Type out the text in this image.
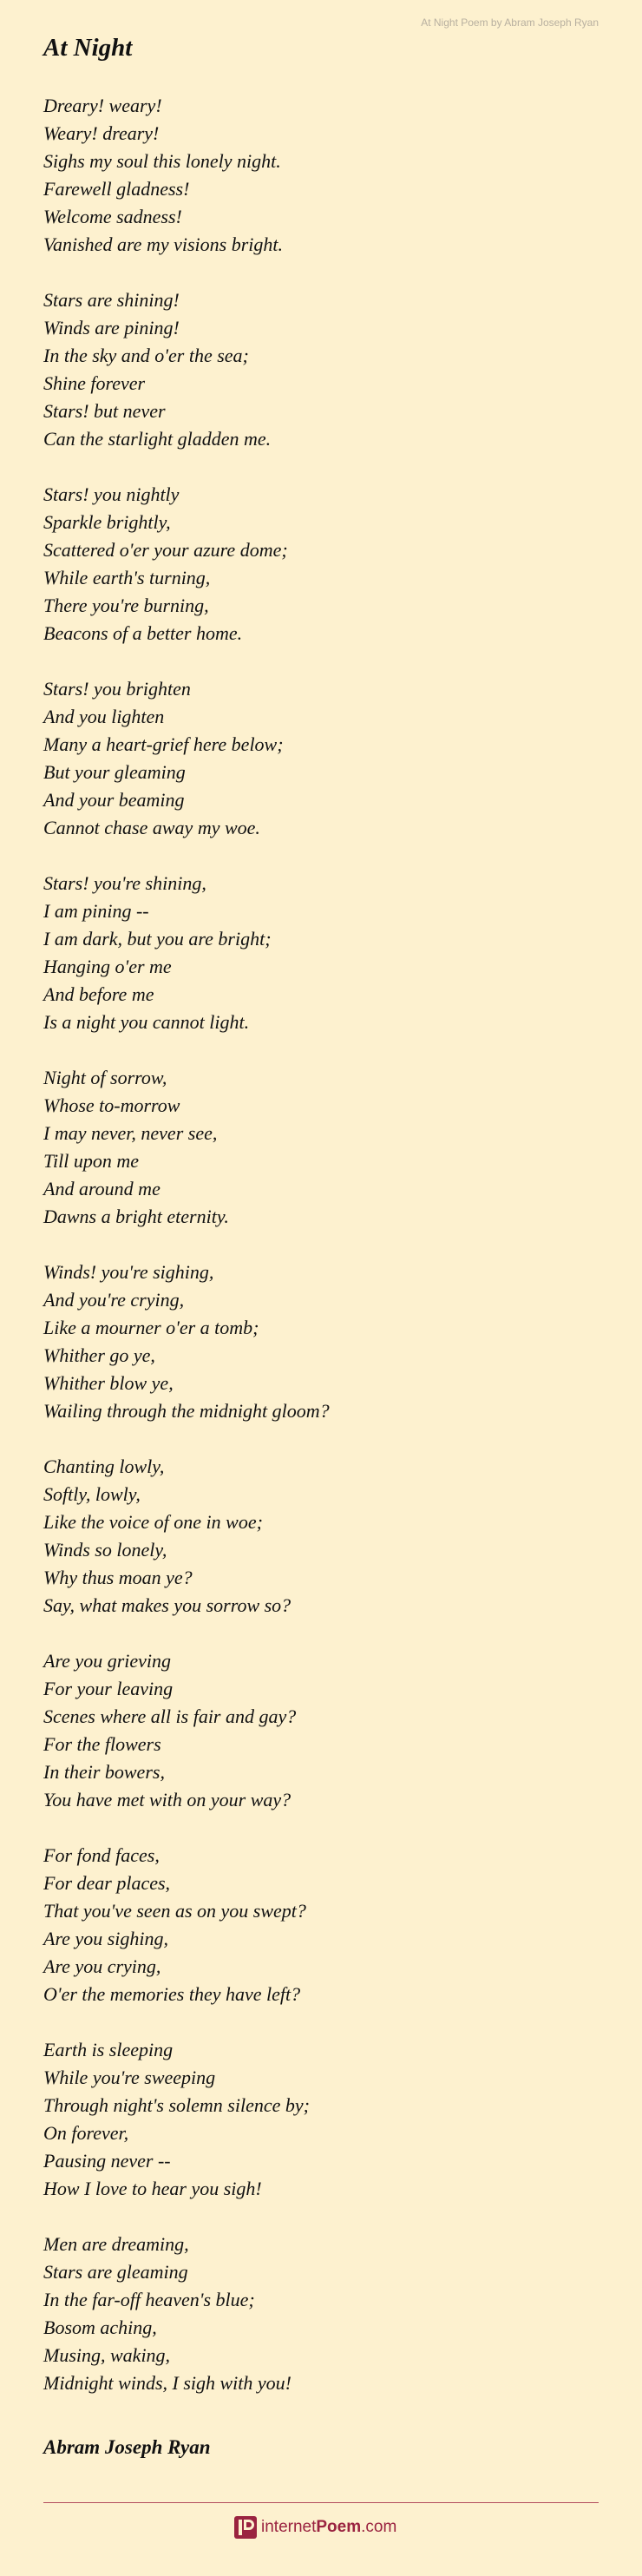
At Night Poem by Abram Joseph Ryan
At Night
Dreary! weary!
Weary! dreary!
Sighs my soul this lonely night.
Farewell gladness!
Welcome sadness!
Vanished are my visions bright.
Stars are shining!
Winds are pining!
In the sky and o'er the sea;
Shine forever
Stars! but never
Can the starlight gladden me.
Stars! you nightly
Sparkle brightly,
Scattered o'er your azure dome;
While earth's turning,
There you're burning,
Beacons of a better home.
Stars! you brighten
And you lighten
Many a heart-grief here below;
But your gleaming
And your beaming
Cannot chase away my woe.
Stars! you're shining,
I am pining --
I am dark, but you are bright;
Hanging o'er me
And before me
Is a night you cannot light.
Night of sorrow,
Whose to-morrow
I may never, never see,
Till upon me
And around me
Dawns a bright eternity.
Winds! you're sighing,
And you're crying,
Like a mourner o'er a tomb;
Whither go ye,
Whither blow ye,
Wailing through the midnight gloom?
Chanting lowly,
Softly, lowly,
Like the voice of one in woe;
Winds so lonely,
Why thus moan ye?
Say, what makes you sorrow so?
Are you grieving
For your leaving
Scenes where all is fair and gay?
For the flowers
In their bowers,
You have met with on your way?
For fond faces,
For dear places,
That you've seen as on you swept?
Are you sighing,
Are you crying,
O'er the memories they have left?
Earth is sleeping
While you're sweeping
Through night's solemn silence by;
On forever,
Pausing never --
How I love to hear you sigh!
Men are dreaming,
Stars are gleaming
In the far-off heaven's blue;
Bosom aching,
Musing, waking,
Midnight winds, I sigh with you!
Abram Joseph Ryan
internetPoem.com
